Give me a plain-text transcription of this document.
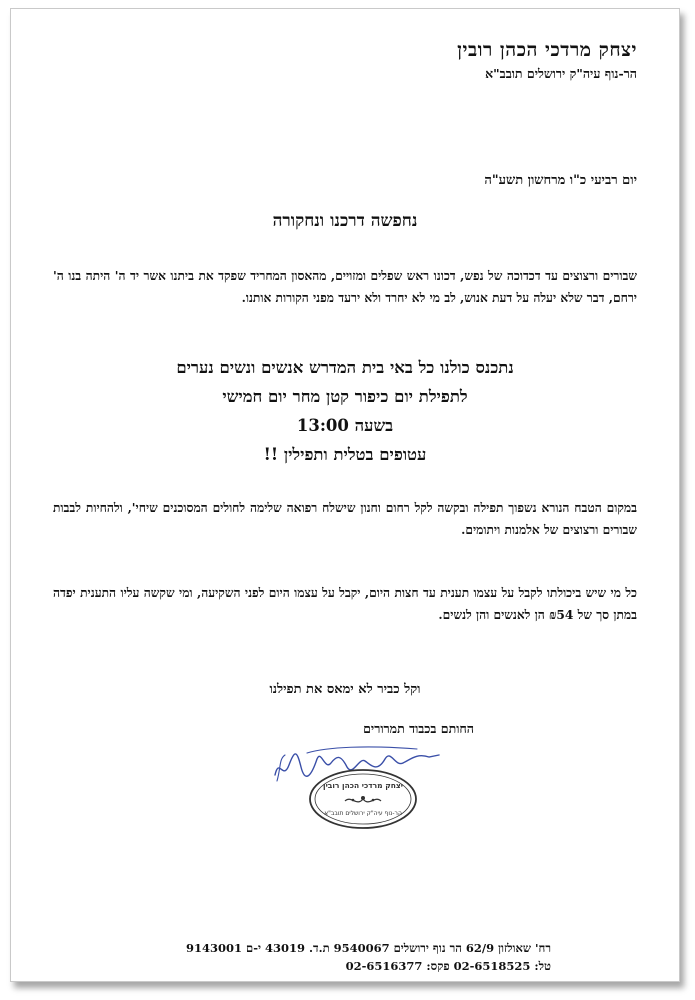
יצחק מרדכי הכהן רובין
הר-נוף עיה"ק ירושלים תובב"א
יום רביעי כ"ו מרחשון תשע"ה
נחפשה דרכנו ונחקורה
שבורים ורצוצים עד דכדוכה של נפש, דכונו ראש שפלים ומזויים, מהאסון המחריד שפקד את ביתנו אשר יד ה' היתה בנו ה' ירחם, דבר שלא יעלה על דעת אנוש, לב מי לא יחרד ולא ירעד מפני הקורות אותנו.
נתכנס כולנו כל באי בית המדרש אנשים ונשים נערים
לתפילת יום כיפור קטן מחר יום חמישי
בשעה 13:00
עטופים בטלית ותפילין !!
במקום הטבח הנורא נשפוך תפילה ובקשה לקל רחום וחנון שישלח רפואה שלימה לחולים המסוכנים שיחי', ולהחיות לבבות שבורים ורצוצים של אלמנות ויתומים.
כל מי שיש ביכולתו לקבל על עצמו תענית עד חצות היום, יקבל על עצמו היום לפני השקיעה, ומי שקשה עליו התענית יפדה במתן סך של ₪54 הן לאנשים והן לנשים.
וקל כביר לא ימאס את תפילנו
החותם בכבוד תמרורים
יצחק מרדכי הכהן רובין
הר-נוף עיה"ק ירושלים תובב"א
רח' שאולזון 62/9 הר נוף ירושלים 9540067 ת.ד. 43019 י-ם 9143001
טל: 02-6518525 פקס: 02-6516377
